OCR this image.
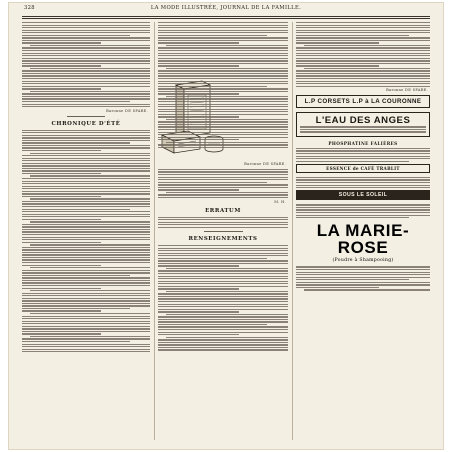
328	LA MODE ILLUSTRÉE, JOURNAL DE LA FAMILLE.
Baronne DE SPARE.
CHRONIQUE D'ÉTÉ
Baronne DE SPARE.
M. H.
ERRATUM
RENSEIGNEMENTS
Baronne DE SPARE.
L.P CORSETS L.P à LA COURONNE
L'EAU DES ANGES
PHOSPHATINE FALIÈRES
ESSENCE de CAFÉ TRABLIT
SOUS LE SOLEIL
LA MARIE-ROSE
(Poudre à Shampooing)
